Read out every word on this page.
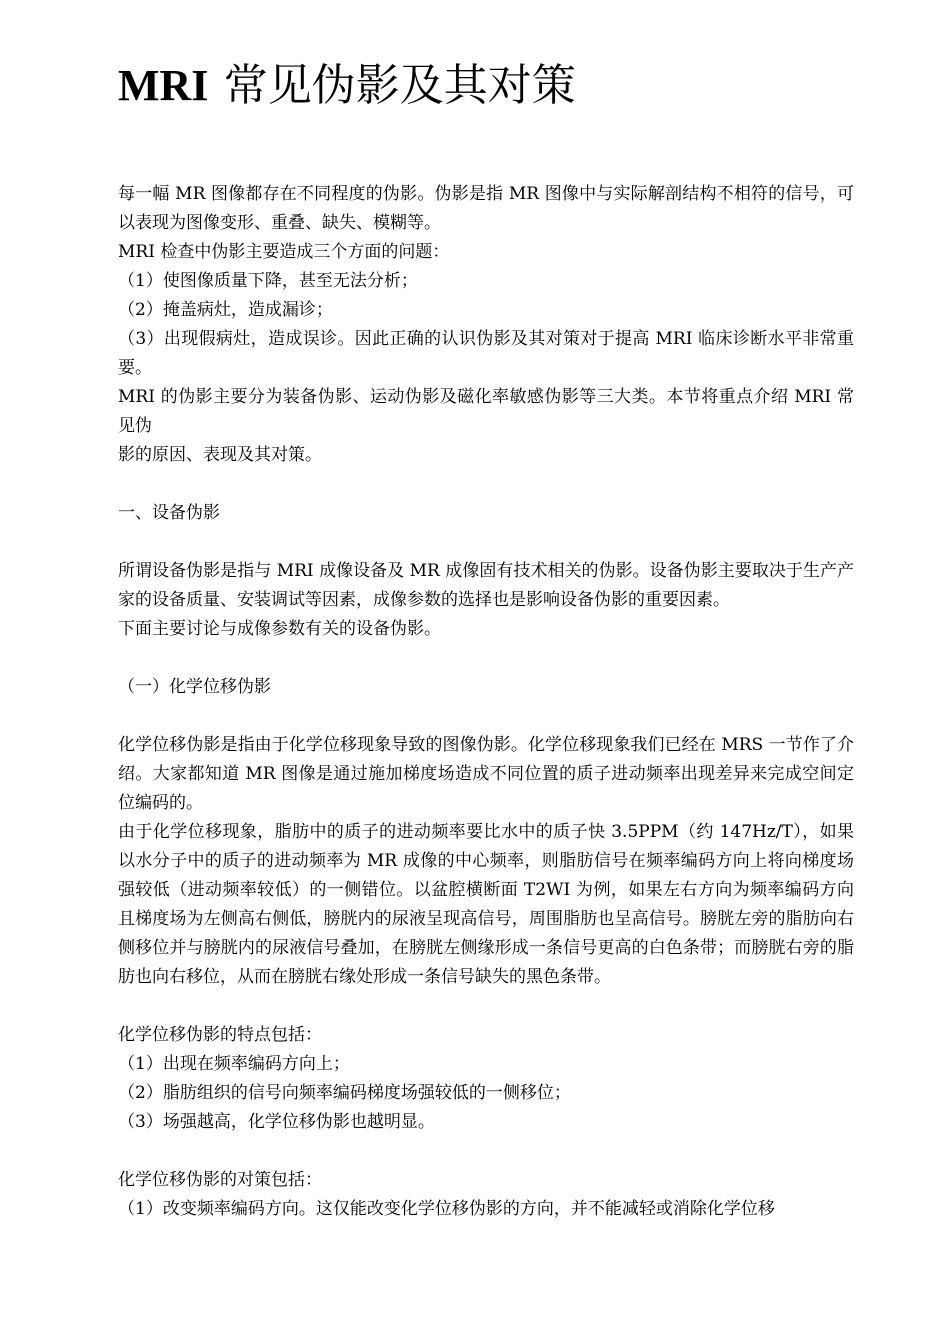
MRI 常见伪影及其对策
每一幅 MR 图像都存在不同程度的伪影。伪影是指 MR 图像中与实际解剖结构不相符的信号，可以表现为图像变形、重叠、缺失、模糊等。
MRI 检查中伪影主要造成三个方面的问题：
（1）使图像质量下降，甚至无法分析；
（2）掩盖病灶，造成漏诊；
（3）出现假病灶，造成误诊。因此正确的认识伪影及其对策对于提高 MRI 临床诊断水平非常重要。
MRI 的伪影主要分为装备伪影、运动伪影及磁化率敏感伪影等三大类。本节将重点介绍 MRI 常见伪
影的原因、表现及其对策。
一、设备伪影
所谓设备伪影是指与 MRI 成像设备及 MR 成像固有技术相关的伪影。设备伪影主要取决于生产产家的设备质量、安装调试等因素，成像参数的选择也是影响设备伪影的重要因素。
下面主要讨论与成像参数有关的设备伪影。
（一）化学位移伪影
化学位移伪影是指由于化学位移现象导致的图像伪影。化学位移现象我们已经在 MRS 一节作了介绍。大家都知道 MR 图像是通过施加梯度场造成不同位置的质子进动频率出现差异来完成空间定位编码的。
由于化学位移现象，脂肪中的质子的进动频率要比水中的质子快 3.5PPM（约 147Hz/T），如果以水分子中的质子的进动频率为 MR 成像的中心频率，则脂肪信号在频率编码方向上将向梯度场强较低（进动频率较低）的一侧错位。以盆腔横断面 T2WI 为例，如果左右方向为频率编码方向且梯度场为左侧高右侧低，膀胱内的尿液呈现高信号，周围脂肪也呈高信号。膀胱左旁的脂肪向右侧移位并与膀胱内的尿液信号叠加，在膀胱左侧缘形成一条信号更高的白色条带；而膀胱右旁的脂肪也向右移位，从而在膀胱右缘处形成一条信号缺失的黑色条带。
化学位移伪影的特点包括：
（1）出现在频率编码方向上；
（2）脂肪组织的信号向频率编码梯度场强较低的一侧移位；
（3）场强越高，化学位移伪影也越明显。
化学位移伪影的对策包括：
（1）改变频率编码方向。这仅能改变化学位移伪影的方向，并不能减轻或消除化学位移
